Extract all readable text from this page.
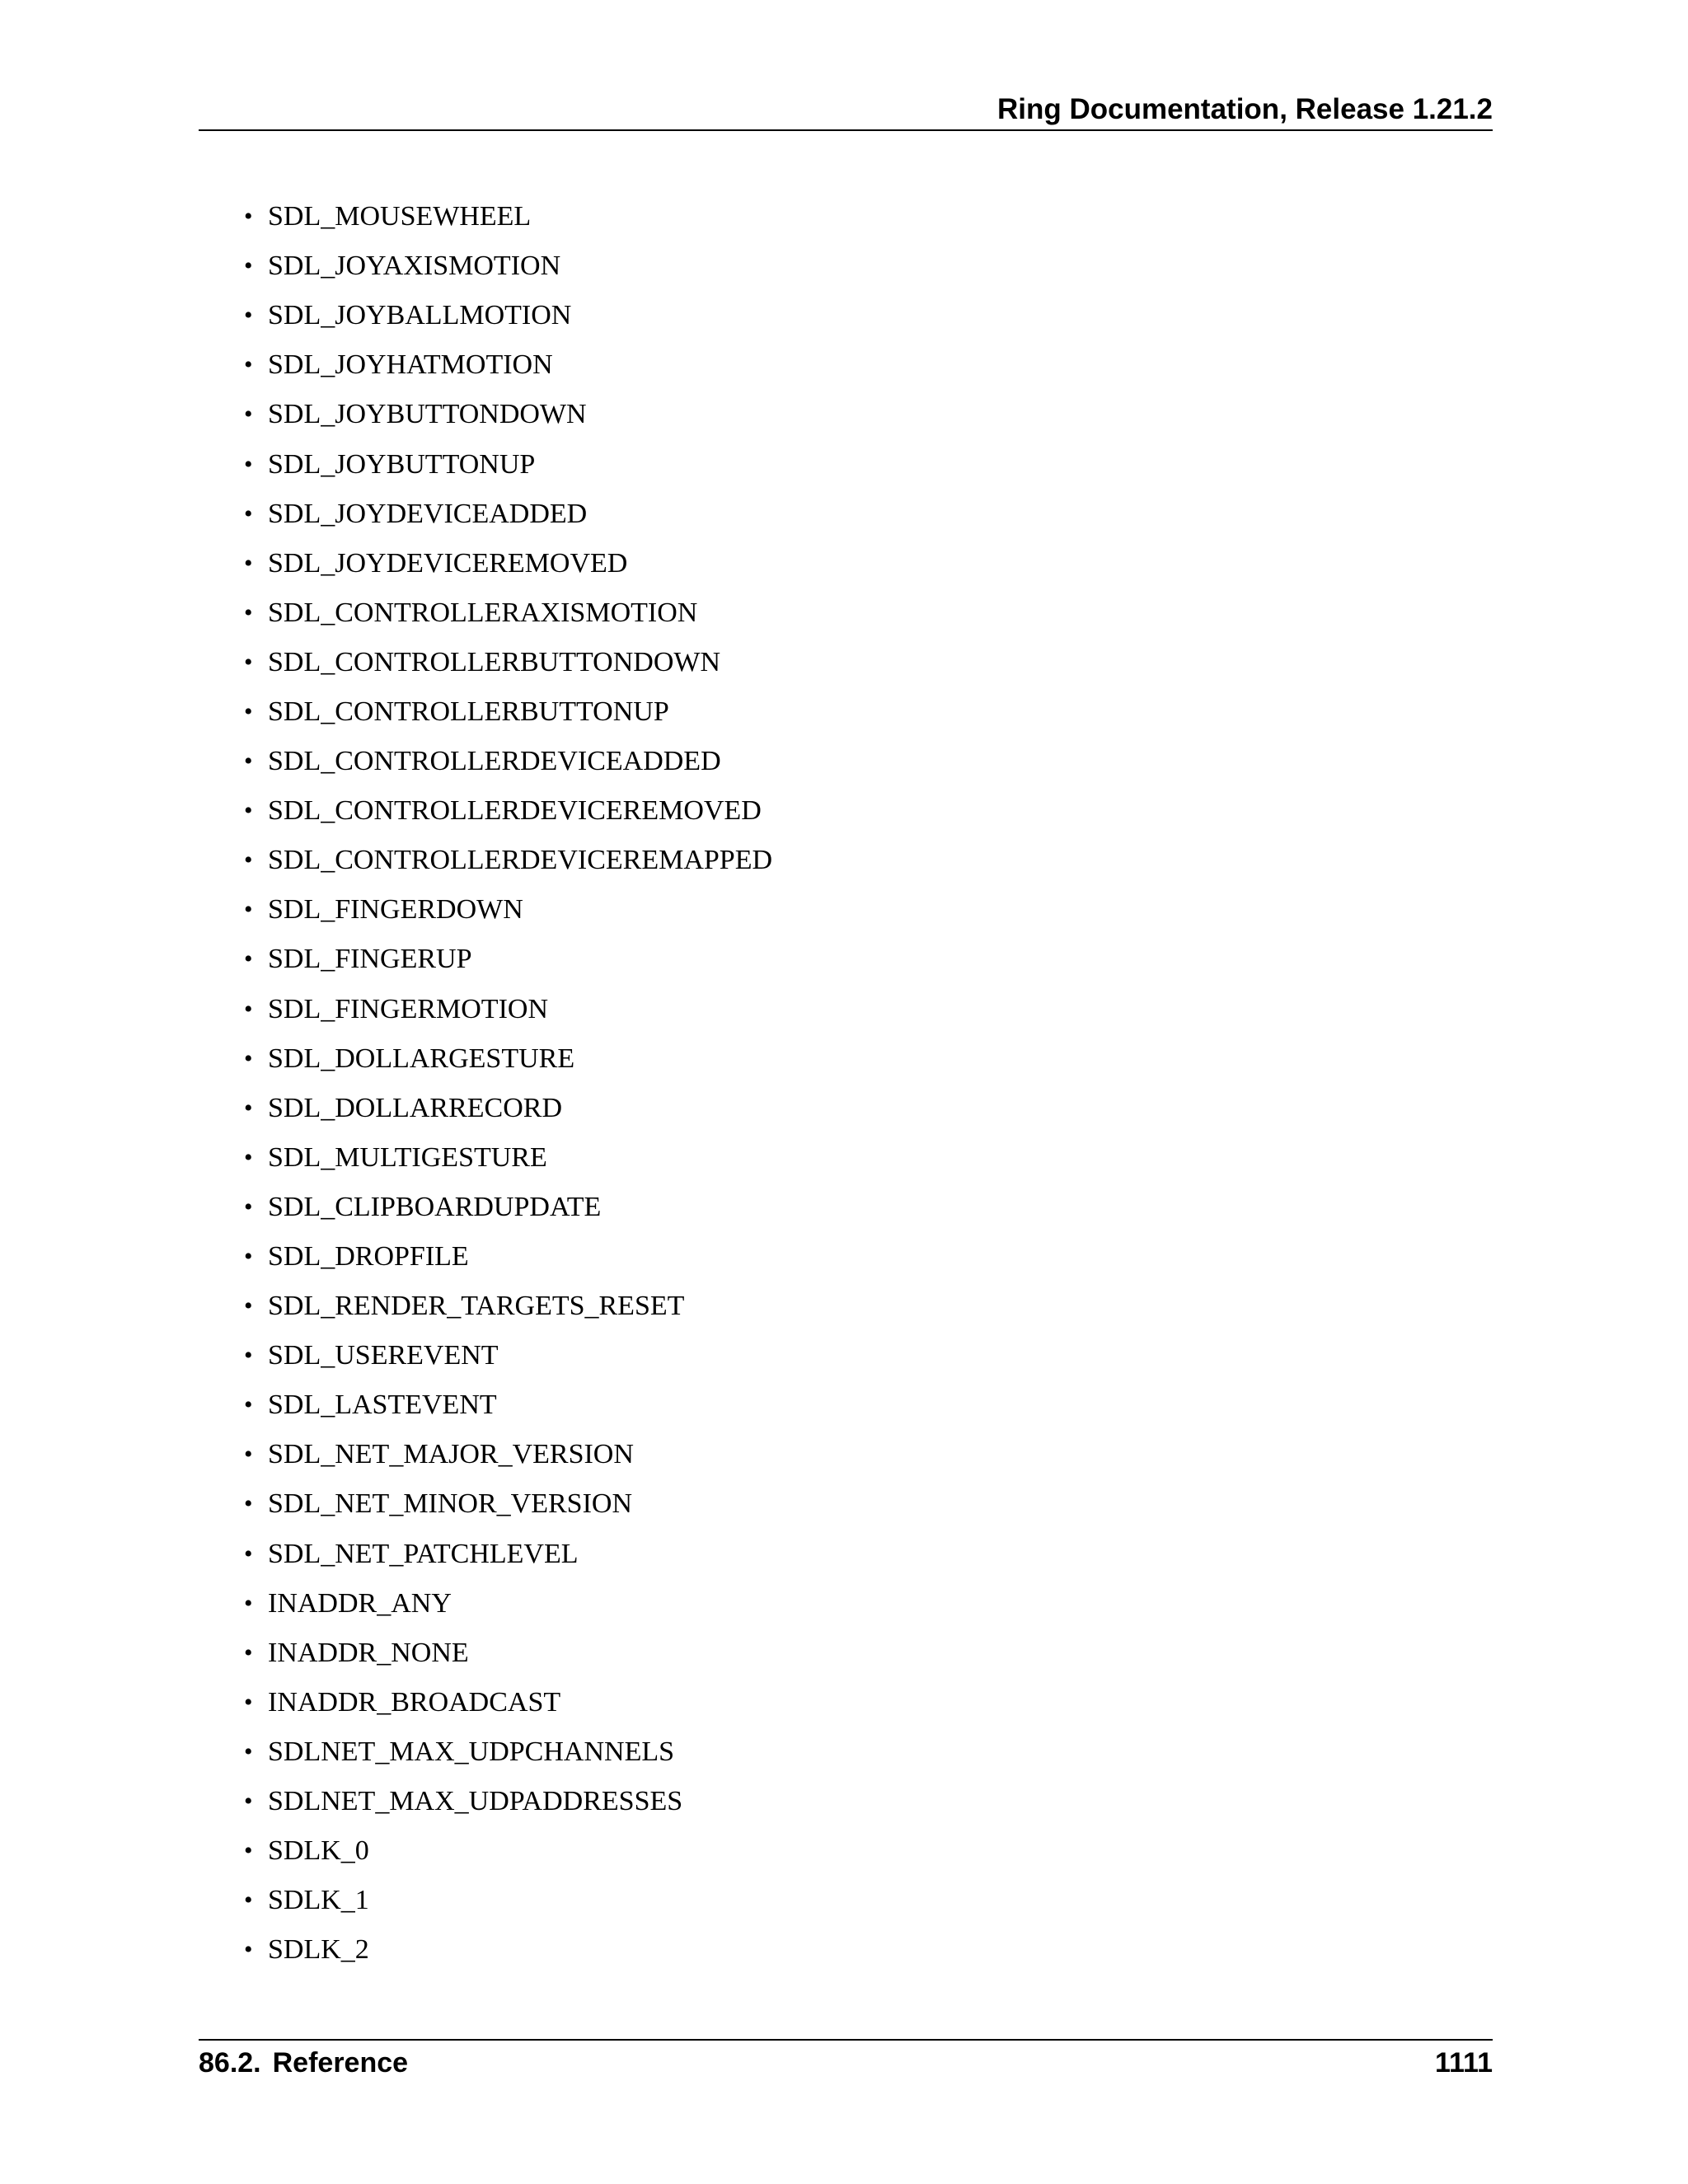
Ring Documentation, Release 1.21.2
• SDL_MOUSEWHEEL
• SDL_JOYAXISMOTION
• SDL_JOYBALLMOTION
• SDL_JOYHATMOTION
• SDL_JOYBUTTONDOWN
• SDL_JOYBUTTONUP
• SDL_JOYDEVICEADDED
• SDL_JOYDEVICEREMOVED
• SDL_CONTROLLERAXISMOTION
• SDL_CONTROLLERBUTTONDOWN
• SDL_CONTROLLERBUTTONUP
• SDL_CONTROLLERDEVICEADDED
• SDL_CONTROLLERDEVICEREMOVED
• SDL_CONTROLLERDEVICEREMAPPED
• SDL_FINGERDOWN
• SDL_FINGERUP
• SDL_FINGERMOTION
• SDL_DOLLARGESTURE
• SDL_DOLLARRECORD
• SDL_MULTIGESTURE
• SDL_CLIPBOARDUPDATE
• SDL_DROPFILE
• SDL_RENDER_TARGETS_RESET
• SDL_USEREVENT
• SDL_LASTEVENT
• SDL_NET_MAJOR_VERSION
• SDL_NET_MINOR_VERSION
• SDL_NET_PATCHLEVEL
• INADDR_ANY
• INADDR_NONE
• INADDR_BROADCAST
• SDLNET_MAX_UDPCHANNELS
• SDLNET_MAX_UDPADDRESSES
• SDLK_0
• SDLK_1
• SDLK_2
86.2. Reference	1111
